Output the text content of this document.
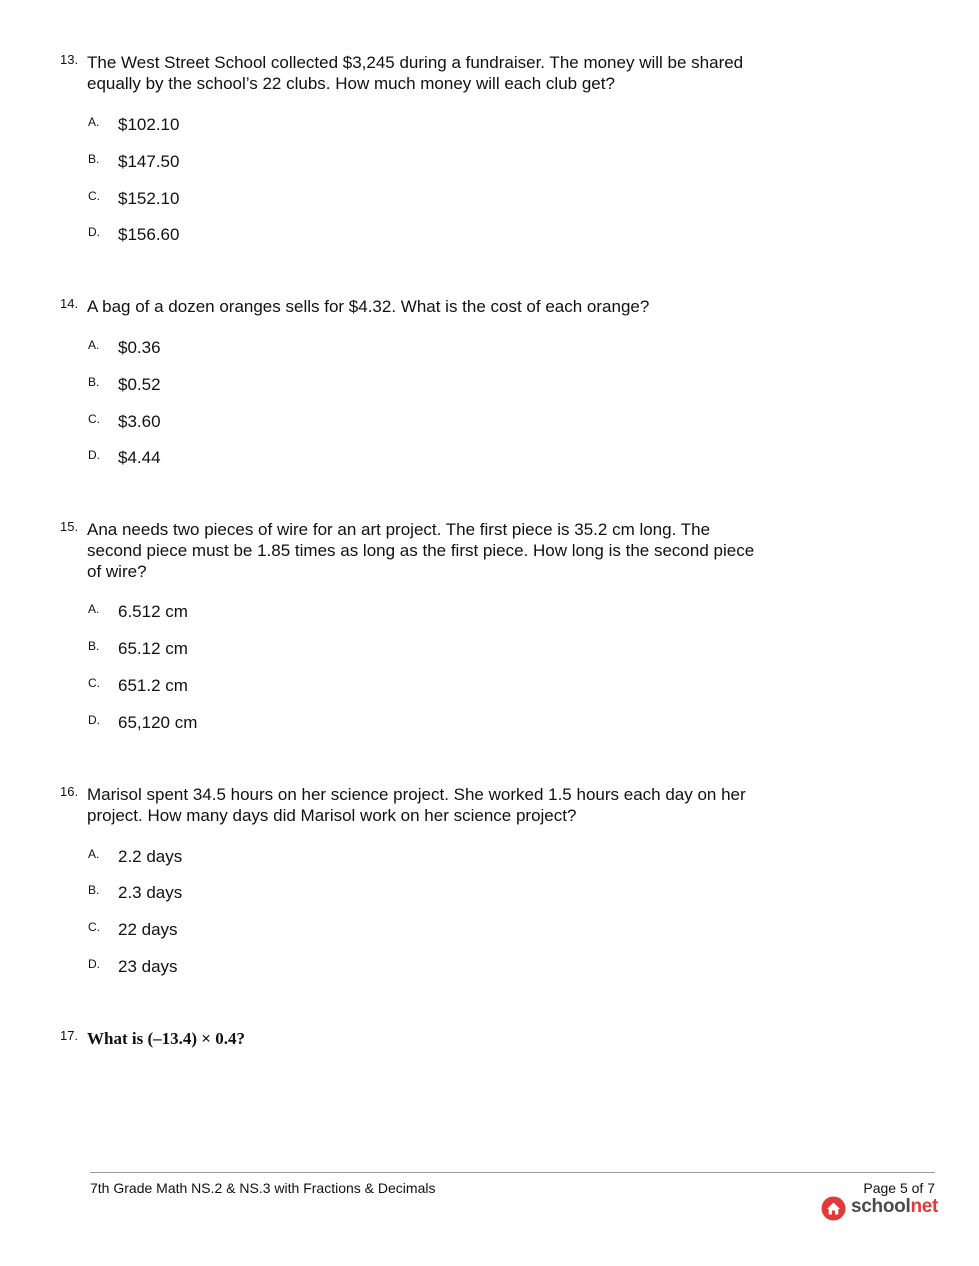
13. The West Street School collected $3,245 during a fundraiser. The money will be shared equally by the school’s 22 clubs. How much money will each club get?
A. $102.10
B. $147.50
C. $152.10
D. $156.60
14. A bag of a dozen oranges sells for $4.32. What is the cost of each orange?
A. $0.36
B. $0.52
C. $3.60
D. $4.44
15. Ana needs two pieces of wire for an art project. The first piece is 35.2 cm long. The second piece must be 1.85 times as long as the first piece. How long is the second piece of wire?
A. 6.512 cm
B. 65.12 cm
C. 651.2 cm
D. 65,120 cm
16. Marisol spent 34.5 hours on her science project. She worked 1.5 hours each day on her project. How many days did Marisol work on her science project?
A. 2.2 days
B. 2.3 days
C. 22 days
D. 23 days
17. What is (–13.4) × 0.4?
7th Grade Math NS.2 & NS.3 with Fractions & Decimals	Page 5 of 7
schoolnet
